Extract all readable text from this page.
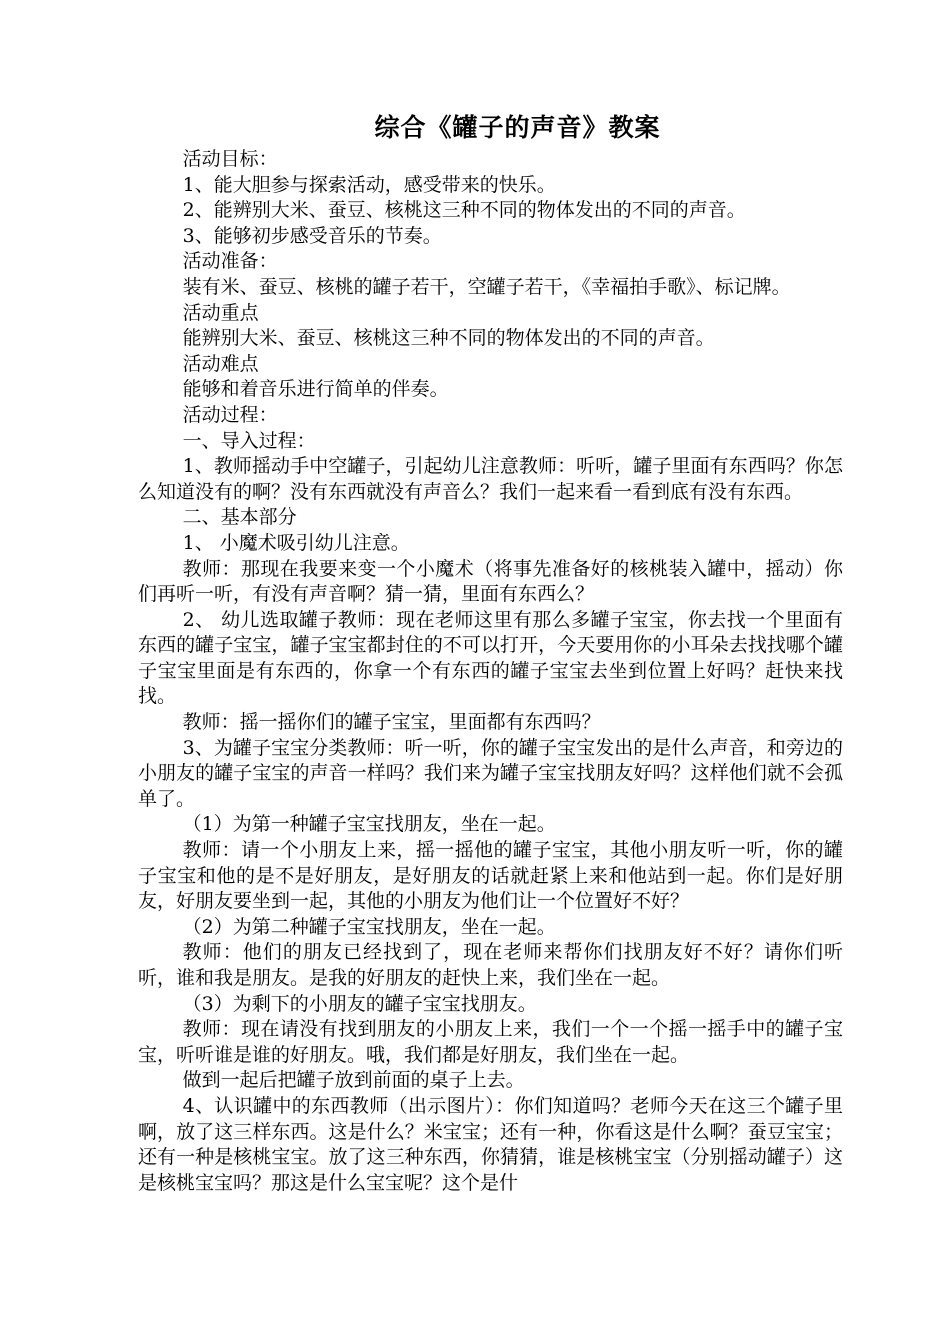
综合《罐子的声音》教案

活动目标：

1、能大胆参与探索活动，感受带来的快乐。

2、能辨别大米、蚕豆、核桃这三种不同的物体发出的不同的声音。

3、能够初步感受音乐的节奏。

活动准备：

装有米、蚕豆、核桃的罐子若干，空罐子若干，《幸福拍手歌》、标记牌。

活动重点

能辨别大米、蚕豆、核桃这三种不同的物体发出的不同的声音。

活动难点

能够和着音乐进行简单的伴奏。

活动过程：

一、导入过程：

1、教师摇动手中空罐子，引起幼儿注意教师：听听，罐子里面有东西吗？你怎么知道没有的啊？没有东西就没有声音么？我们一起来看一看到底有没有东西。

二、基本部分

1、 小魔术吸引幼儿注意。

教师：那现在我要来变一个小魔术（将事先准备好的核桃装入罐中，摇动）你们再听一听，有没有声音啊？猜一猜，里面有东西么？

2、 幼儿选取罐子教师：现在老师这里有那么多罐子宝宝，你去找一个里面有东西的罐子宝宝，罐子宝宝都封住的不可以打开，今天要用你的小耳朵去找找哪个罐子宝宝里面是有东西的，你拿一个有东西的罐子宝宝去坐到位置上好吗？赶快来找找。

教师：摇一摇你们的罐子宝宝，里面都有东西吗？

3、为罐子宝宝分类教师：听一听，你的罐子宝宝发出的是什么声音，和旁边的小朋友的罐子宝宝的声音一样吗？我们来为罐子宝宝找朋友好吗？这样他们就不会孤单了。

（1）为第一种罐子宝宝找朋友，坐在一起。

教师：请一个小朋友上来，摇一摇他的罐子宝宝，其他小朋友听一听，你的罐子宝宝和他的是不是好朋友，是好朋友的话就赶紧上来和他站到一起。你们是好朋友，好朋友要坐到一起，其他的小朋友为他们让一个位置好不好？

（2）为第二种罐子宝宝找朋友，坐在一起。

教师：他们的朋友已经找到了，现在老师来帮你们找朋友好不好？请你们听听，谁和我是朋友。是我的好朋友的赶快上来，我们坐在一起。

（3）为剩下的小朋友的罐子宝宝找朋友。

教师：现在请没有找到朋友的小朋友上来，我们一个一个摇一摇手中的罐子宝宝，听听谁是谁的好朋友。哦，我们都是好朋友，我们坐在一起。

做到一起后把罐子放到前面的桌子上去。

4、认识罐中的东西教师（出示图片）：你们知道吗？老师今天在这三个罐子里啊，放了这三样东西。这是什么？米宝宝；还有一种，你看这是什么啊？蚕豆宝宝；还有一种是核桃宝宝。放了这三种东西，你猜猜，谁是核桃宝宝（分别摇动罐子）这是核桃宝宝吗？那这是什么宝宝呢？这个是什
